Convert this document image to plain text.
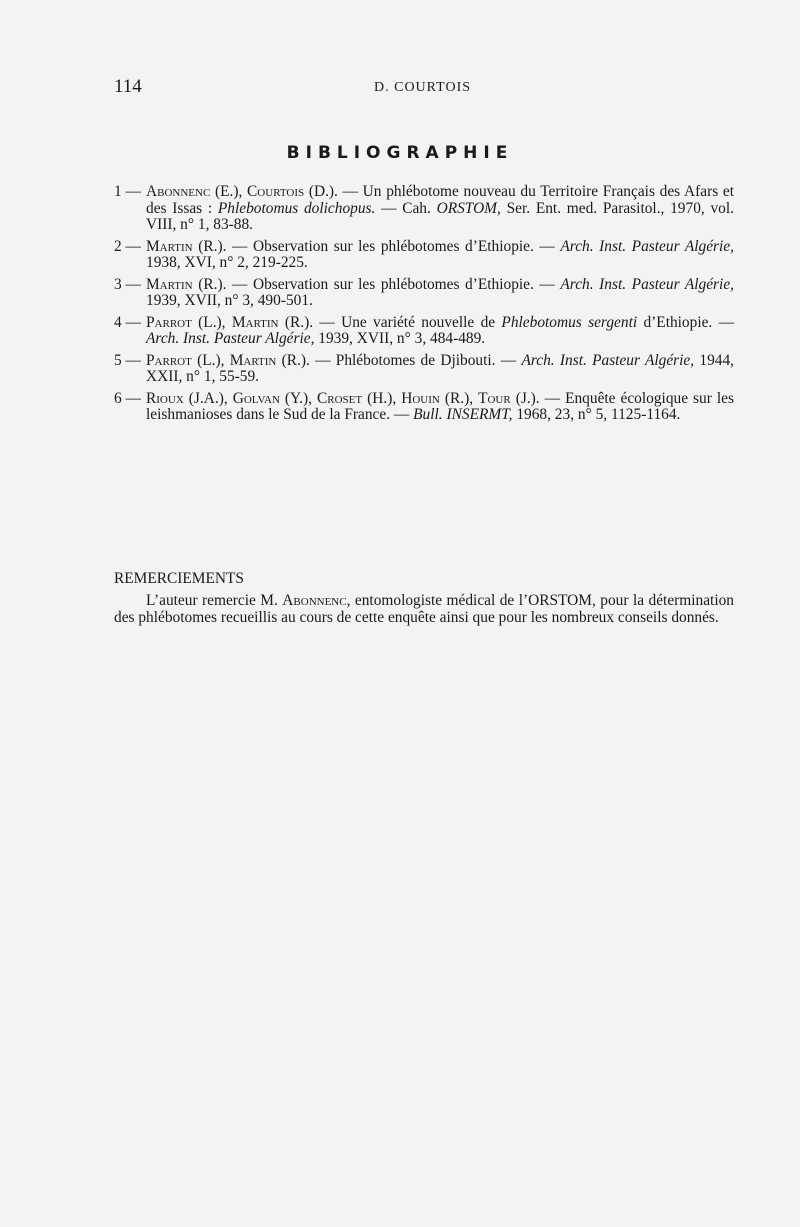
114	D. COURTOIS
BIBLIOGRAPHIE
1 — Abonnenc (E.), Courtois (D.). — Un phlébotome nouveau du Territoire Français des Afars et des Issas : Phlebotomus dolichopus. — Cah. ORSTOM, Ser. Ent. med. Parasitol., 1970, vol. VIII, n° 1, 83-88.
2 — Martin (R.). — Observation sur les phlébotomes d’Ethiopie. — Arch. Inst. Pasteur Algérie, 1938, XVI, n° 2, 219-225.
3 — Martin (R.). — Observation sur les phlébotomes d’Ethiopie. — Arch. Inst. Pasteur Algérie, 1939, XVII, n° 3, 490-501.
4 — Parrot (L.), Martin (R.). — Une variété nouvelle de Phlebotomus sergenti d’Ethiopie. — Arch. Inst. Pasteur Algérie, 1939, XVII, n° 3, 484-489.
5 — Parrot (L.), Martin (R.). — Phlébotomes de Djibouti. — Arch. Inst. Pasteur Algérie, 1944, XXII, n° 1, 55-59.
6 — Rioux (J.A.), Golvan (Y.), Croset (H.), Houin (R.), Tour (J.). — Enquête écologique sur les leishmanioses dans le Sud de la France. — Bull. INSERMT, 1968, 23, n° 5, 1125-1164.
REMERCIEMENTS

L’auteur remercie M. Abonnenc, entomologiste médical de l’ORSTOM, pour la détermination des phlébotomes recueillis au cours de cette enquête ainsi que pour les nombreux conseils donnés.
